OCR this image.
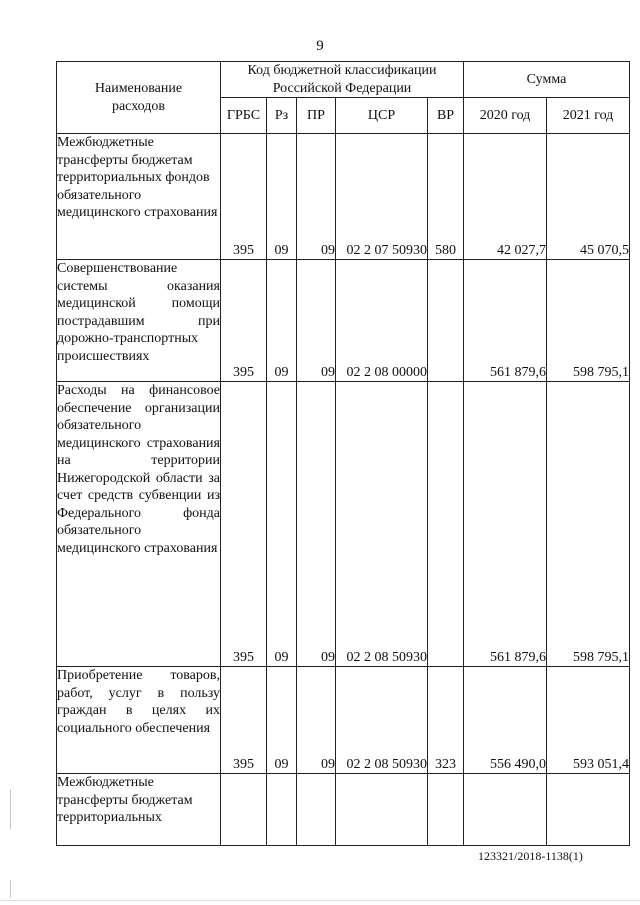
9
Наименование расходов	Код бюджетной классификации Российской Федерации					Сумма	
	ГРБС	Рз	ПР	ЦСР	ВР	2020 год	2021 год
Межбюджетные трансферты бюджетам территориальных фондов обязательного медицинского страхования	395	09	09	02 2 07 50930	580	42 027,7	45 070,5
Совершенствование системы оказания медицинской помощи пострадавшим при дорожно-транспортных происшествиях	395	09	09	02 2 08 00000		561 879,6	598 795,1
Расходы на финансовое обеспечение организации обязательного медицинского страхования на территории Нижегородской области за счет средств субвенции из Федерального фонда обязательного медицинского страхования	395	09	09	02 2 08 50930		561 879,6	598 795,1
Приобретение товаров, работ, услуг в пользу граждан в целях их социального обеспечения	395	09	09	02 2 08 50930	323	556 490,0	593 051,4
Межбюджетные трансферты бюджетам территориальных							
123321/2018-1138(1)
